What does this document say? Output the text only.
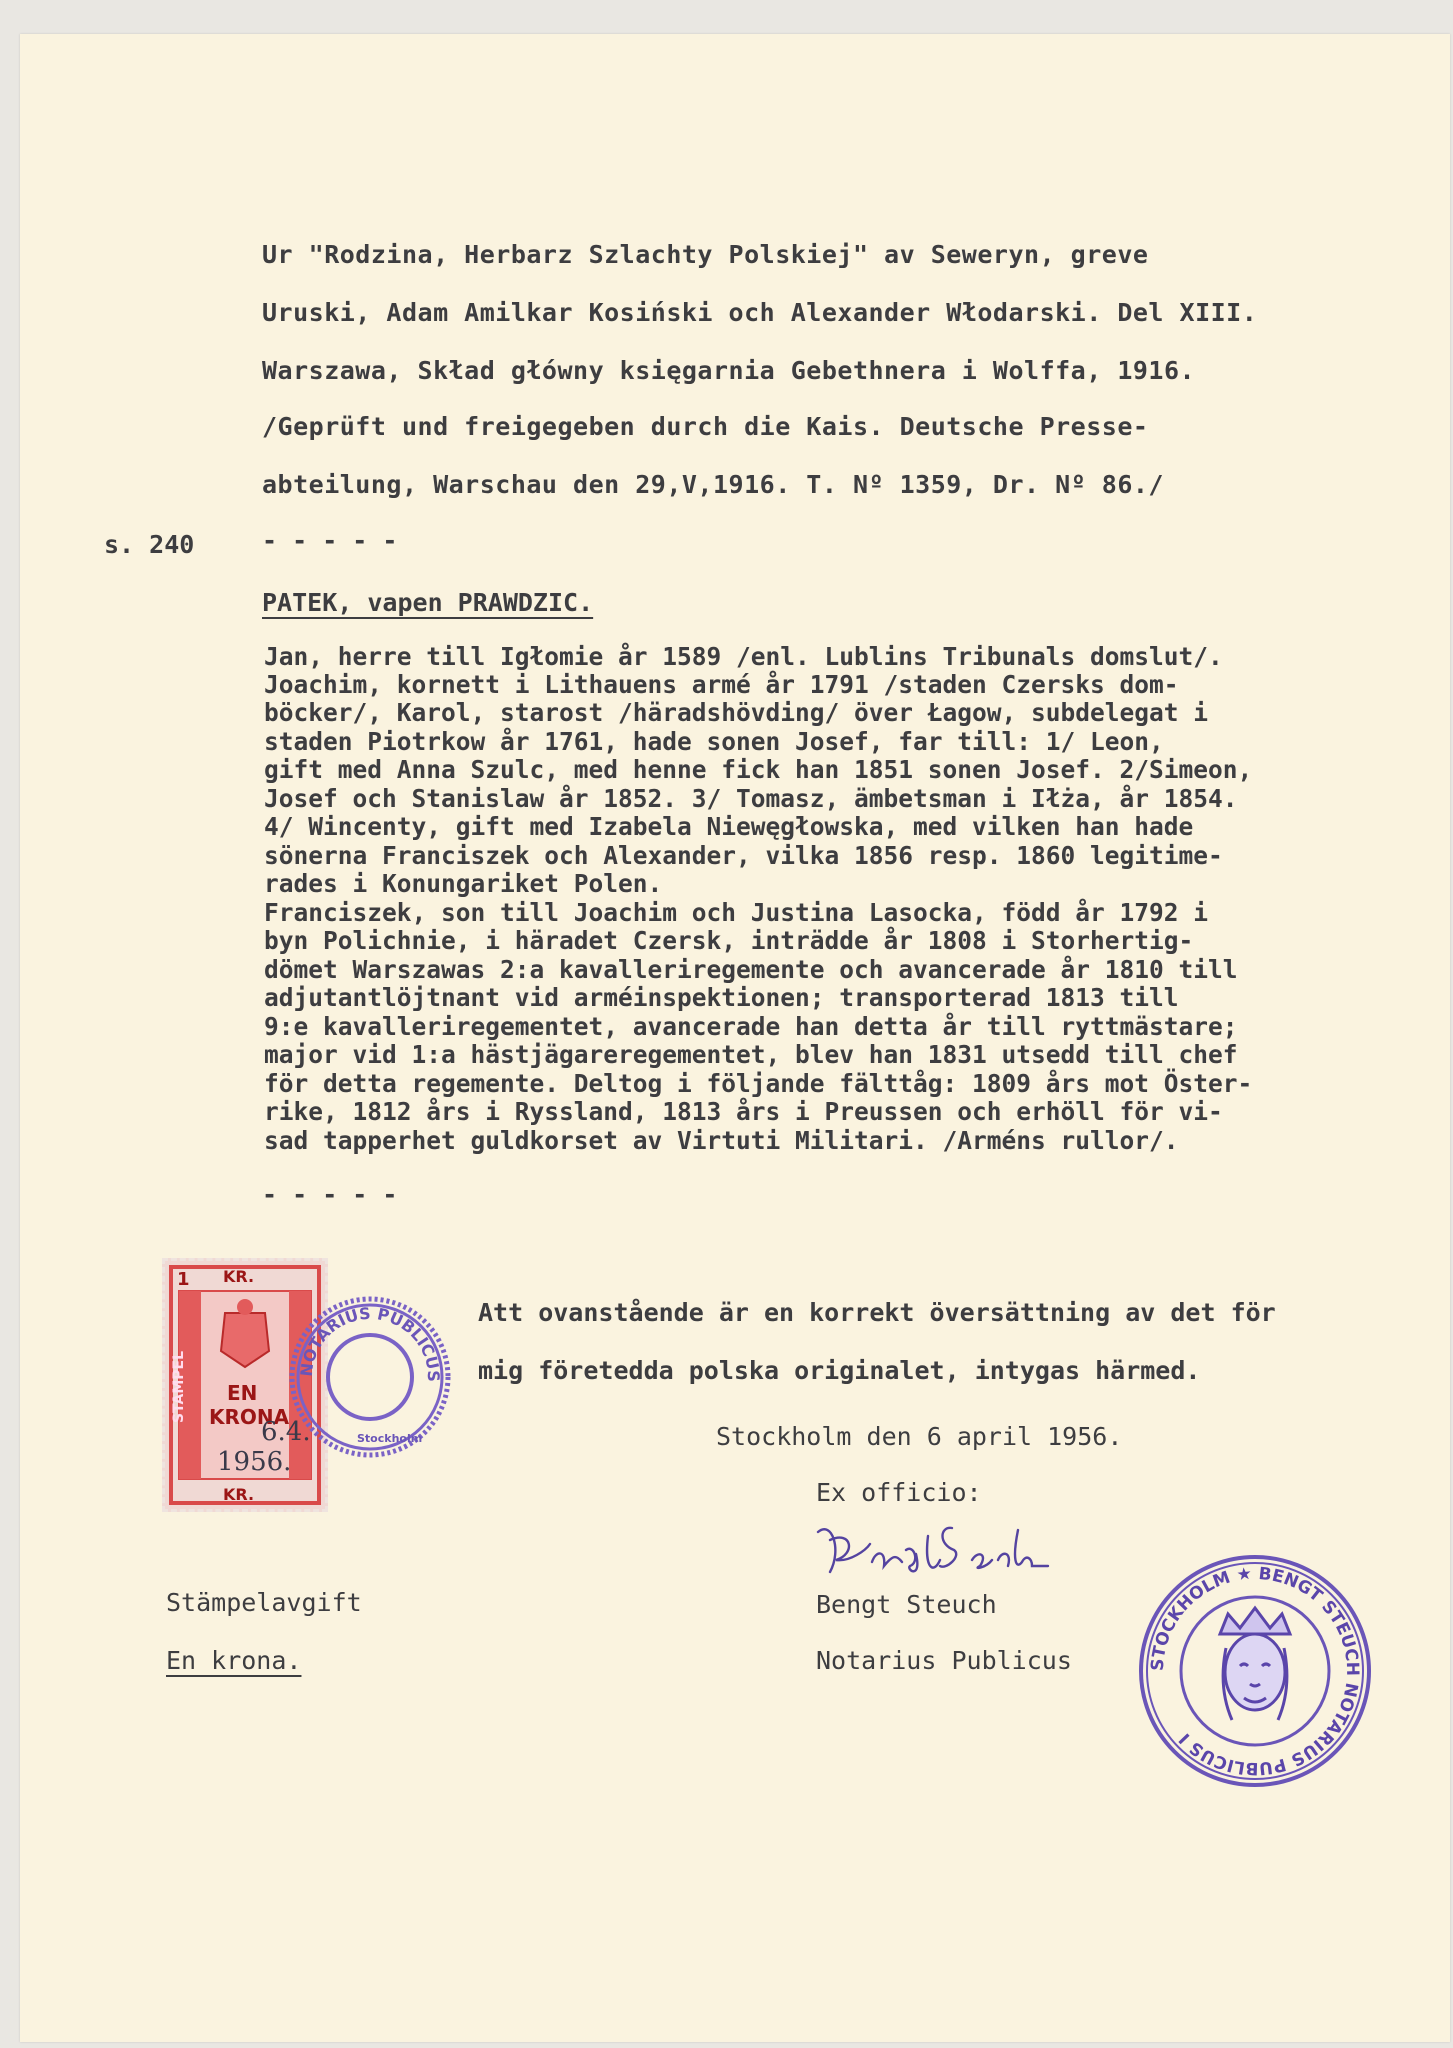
Ur "Rodzina, Herbarz Szlachty Polskiej" av Seweryn, greve
Uruski, Adam Amilkar Kosiński och Alexander Włodarski. Del XIII.
Warszawa, Skład główny księgarnia Gebethnera i Wolffa, 1916.
/Geprüft und freigegeben durch die Kais. Deutsche Presse-
abteilung, Warschau den 29,V,1916. T. Nº 1359, Dr. Nº 86./
s. 240	- - - - -
PATEK, vapen PRAWDZIC.
Jan, herre till Igłomie år 1589 /enl. Lublins Tribunals domslut/.
Joachim, kornett i Lithauens armé år 1791 /staden Czersks dom-
böcker/, Karol, starost /häradshövding/ över Łagow, subdelegat i
staden Piotrkow år 1761, hade sonen Josef, far till: 1/ Leon,
gift med Anna Szulc, med henne fick han 1851 sonen Josef. 2/Simeon,
Josef och Stanislaw år 1852. 3/ Tomasz, ämbetsman i Iłża, år 1854.
4/ Wincenty, gift med Izabela Niewęgłowska, med vilken han hade
sönerna Franciszek och Alexander, vilka 1856 resp. 1860 legitime-
rades i Konungariket Polen.
Franciszek, son till Joachim och Justina Lasocka, född år 1792 i
byn Polichnie, i häradet Czersk, inträdde år 1808 i Storhertig-
dömet Warszawas 2:a kavalleriregemente och avancerade år 1810 till
adjutantlöjtnant vid arméinspektionen; transporterad 1813 till
9:e kavalleriregementet, avancerade han detta år till ryttmästare;
major vid 1:a hästjägareregementet, blev han 1831 utsedd till chef
för detta regemente. Deltog i följande fälttåg: 1809 års mot Öster-
rike, 1812 års i Ryssland, 1813 års i Preussen och erhöll för vi-
sad tapperhet guldkorset av Virtuti Militari. /Arméns rullor/.
- - - - -
KR.
KR.
1
STAMPEL EN
KRONA
6.4.
1956.
NOTARIUS PUBLICUS
Stockholm
Att ovanstående är en korrekt översättning av det för
mig företedda polska originalet, intygas härmed.
Stockholm den 6 april 1956.
Ex officio:
Bengt Steuch
Notarius Publicus
Stämpelavgift
En krona.	STOCKHOLM ★ BENGT STEUCH NOTARIUS PUBLICUS I
